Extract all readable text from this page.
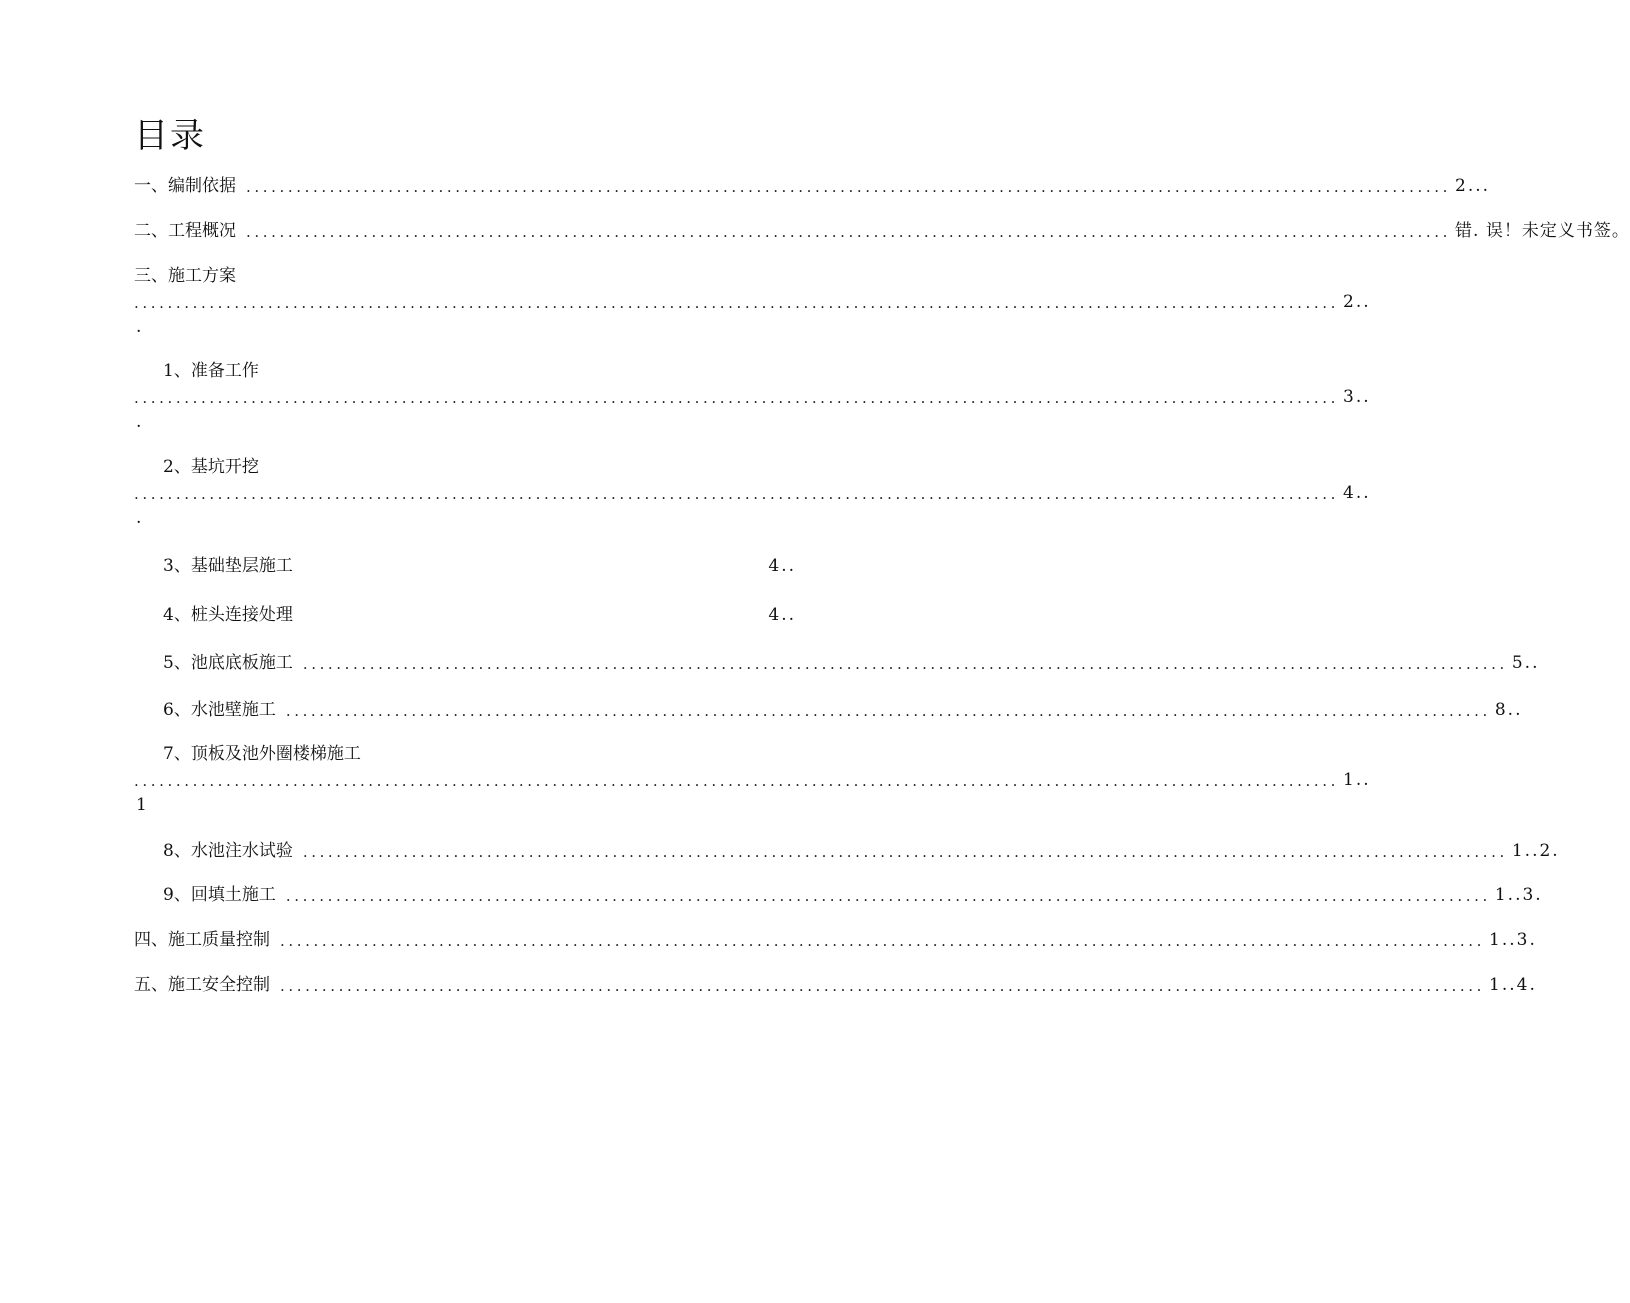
目录
一、编制依据 ................................................................................................................................................ 2...
二、工程概况 ................................................................................................................................................ 错. 误！未定义书签。
三、施工方案
................................................................................................................................................ 2..
.
1、准备工作
................................................................................................................................................ 3..
.
2、基坑开挖
................................................................................................................................................ 4..
.
3、基础垫层施工	4..
4、桩头连接处理	4..
5、池底底板施工 ................................................................................................................................................ 5..
6、水池壁施工 ................................................................................................................................................ 8..
7、顶板及池外圈楼梯施工
................................................................................................................................................ 1..
1
8、水池注水试验 ................................................................................................................................................ 1..2.
9、回填土施工 ................................................................................................................................................ 1..3.
四、施工质量控制 ................................................................................................................................................ 1..3.
五、施工安全控制 ................................................................................................................................................ 1..4.
